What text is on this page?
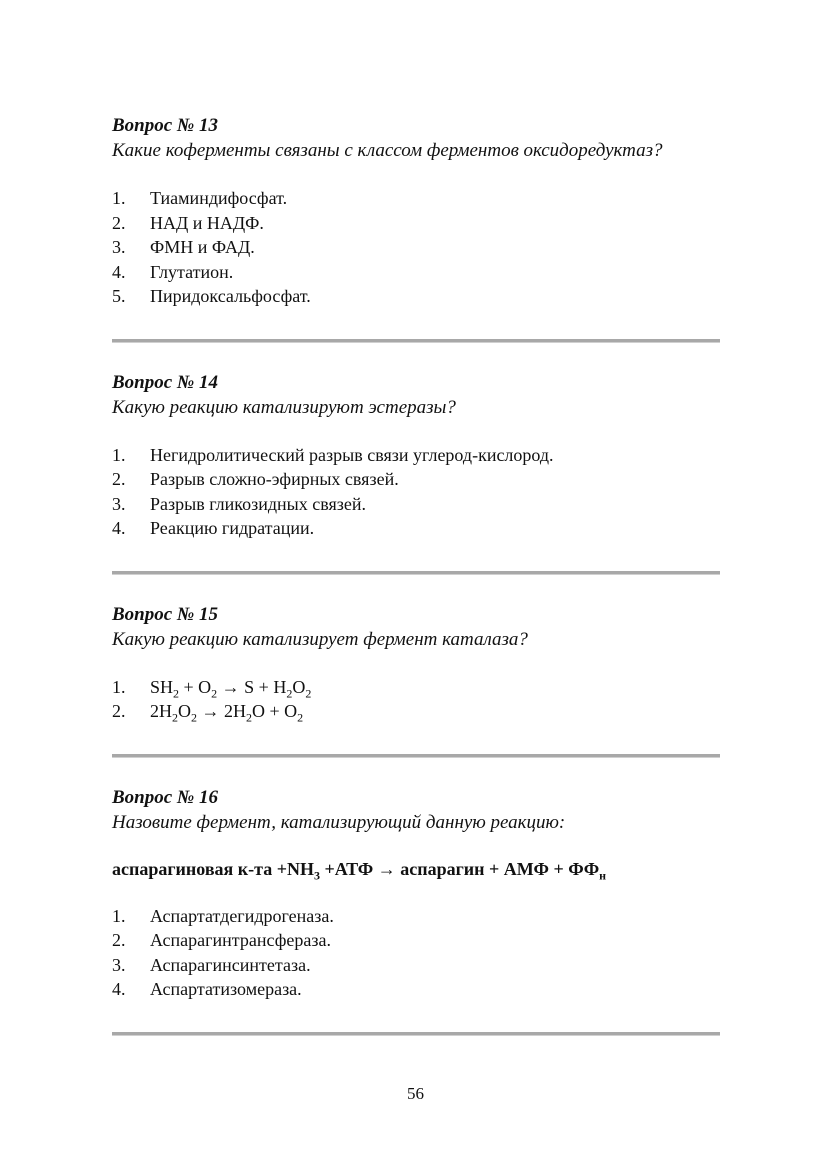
Вопрос № 13

Какие коферменты связаны с классом ферментов оксидоредуктаз?

1.	Тиаминдифосфат.
2.	НАД и НАДФ.
3.	ФМН и ФАД.
4.	Глутатион.
5.	Пиридоксальфосфат.

Вопрос № 14

Какую реакцию катализируют эстеразы?

1.	Негидролитический разрыв связи углерод-кислород.
2.	Разрыв сложно-эфирных связей.
3.	Разрыв гликозидных связей.
4.	Реакцию гидратации.

Вопрос № 15

Какую реакцию катализирует фермент каталаза?

1.	$SH_2 + O_2 \to S + H_2O_2$
2.	$2H_2O_2 \to 2H_2O + O_2$

Вопрос № 16

Назовите фермент, катализирующий данную реакцию:

аспарагиновая $к-та +NH_3 +АТФ$ → аспарагин + АМФ + $ФФ_н$

1.	Аспартатдегидрогеназа.
2.	Аспарагинтрансфераза.
3.	Аспарагинсинтетаза.
4.	Аспартатизомераза.
56
